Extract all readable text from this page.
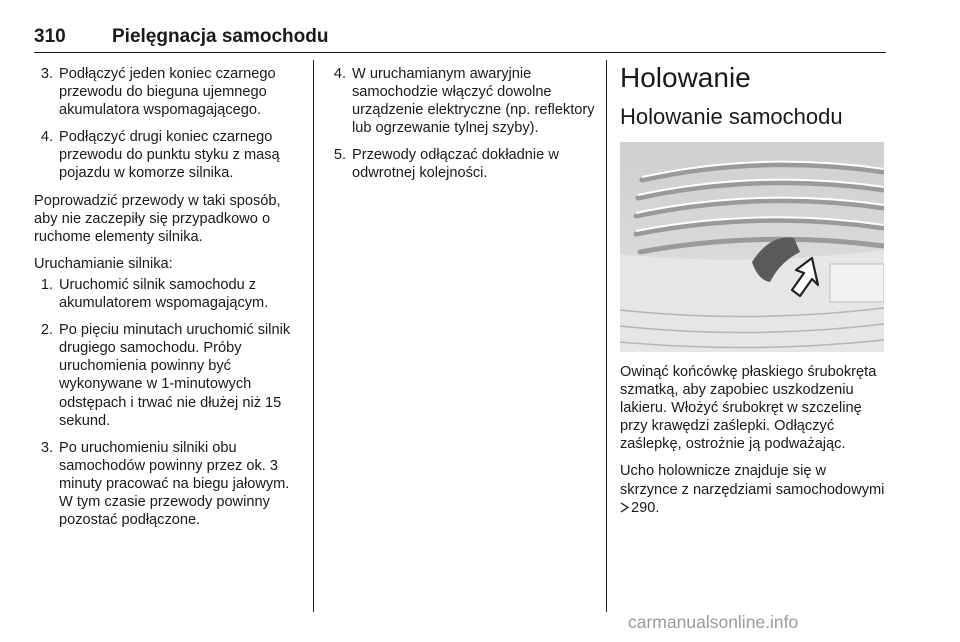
310 Pielęgnacja samochodu
3. Podłączyć jeden koniec czarnego przewodu do bieguna ujemnego akumulatora wspomagającego.
4. Podłączyć drugi koniec czarnego przewodu do punktu styku z masą pojazdu w komorze silnika.

Poprowadzić przewody w taki sposób, aby nie zaczepiły się przypadkowo o ruchome elementy silnika.

Uruchamianie silnika:

1. Uruchomić silnik samochodu z akumulatorem wspomagającym.
2. Po pięciu minutach uruchomić silnik drugiego samochodu. Próby uruchomienia powinny być wykonywane w 1-minutowych odstępach i trwać nie dłużej niż 15 sekund.
3. Po uruchomieniu silniki obu samochodów powinny przez ok. 3 minuty pracować na biegu jałowym. W tym czasie przewody powinny pozostać podłączone.
4. W uruchamianym awaryjnie samochodzie włączyć dowolne urządzenie elektryczne (np. reflektory lub ogrzewanie tylnej szyby).
5. Przewody odłączać dokładnie w odwrotnej kolejności.
Holowanie
Holowanie samochodu

Owinąć końcówkę płaskiego śrubokręta szmatką, aby zapobiec uszkodzeniu lakieru. Włożyć śrubokręt w szczelinę przy krawędzi zaślepki. Odłączyć zaślepkę, ostrożnie ją podważając.

Ucho holownicze znajduje się w skrzynce z narzędziami samochodowymi 290.

carmanualsonline.info
